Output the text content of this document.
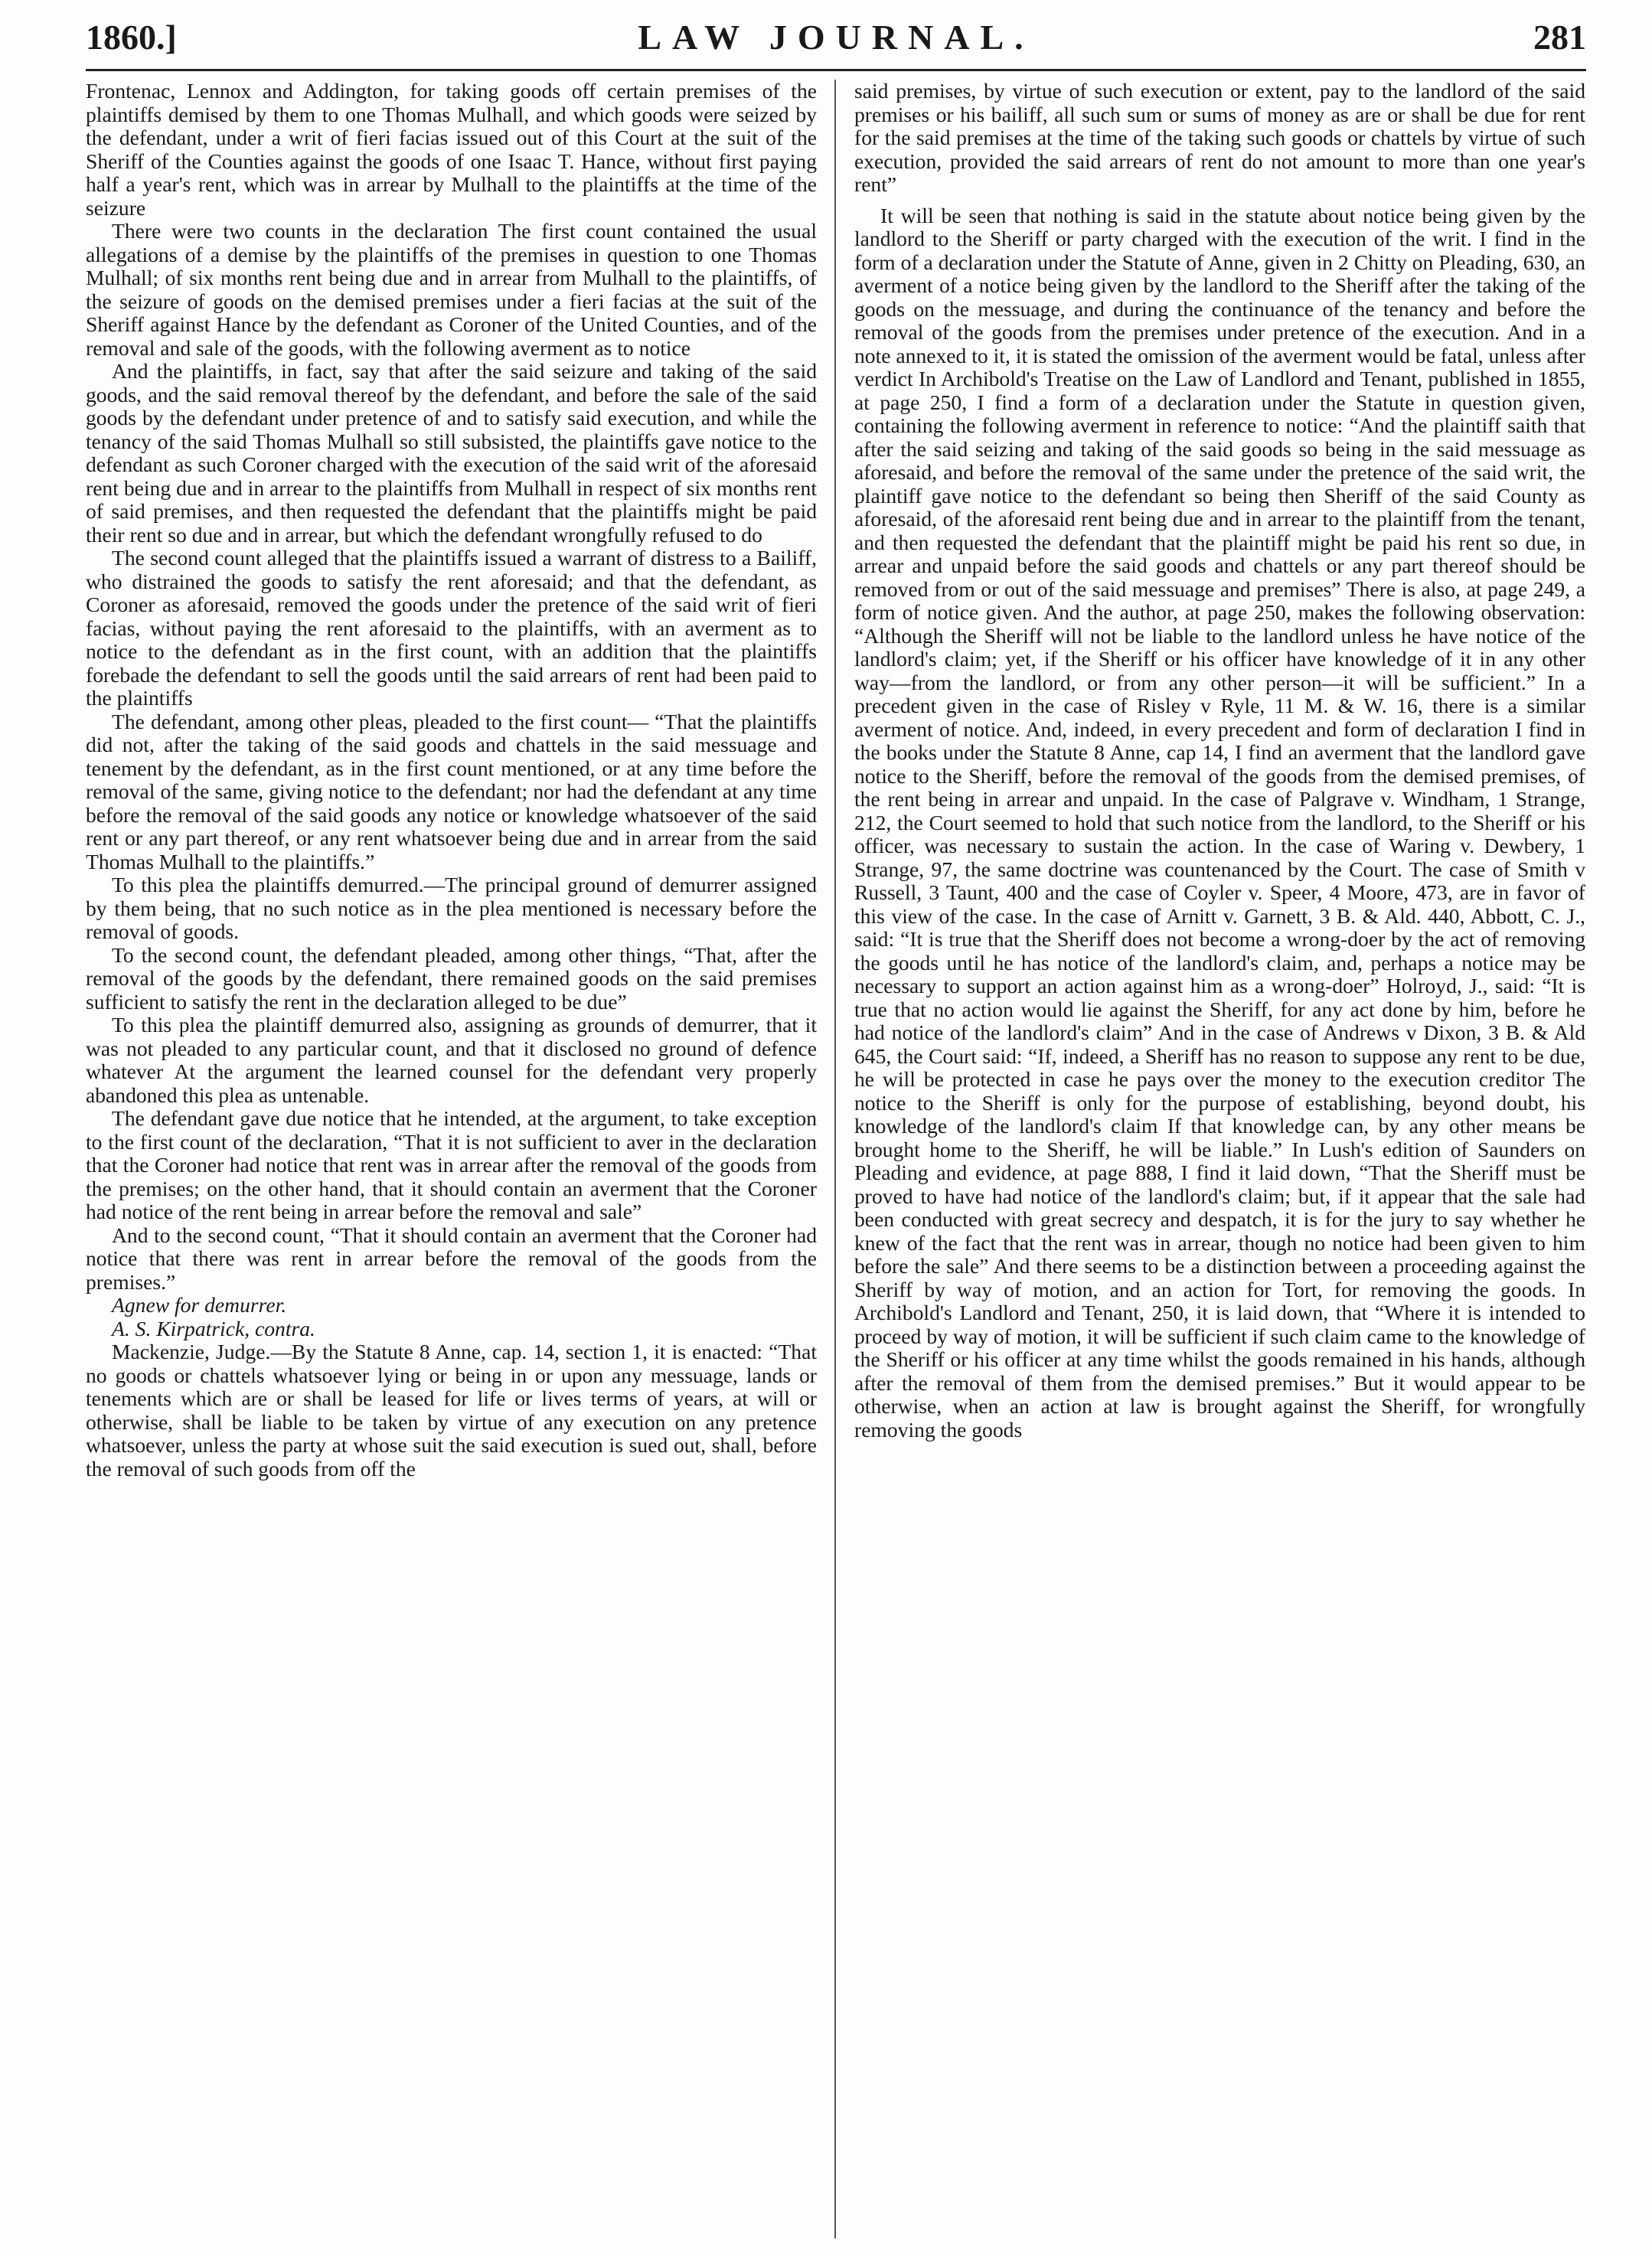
1860.]	LAW JOURNAL.	281

Frontenac, Lennox and Addington, for taking goods off certain premises of the plaintiffs demised by them to one Thomas Mulhall, and which goods were seized by the defendant, under a writ of fieri facias issued out of this Court at the suit of the Sheriff of the Counties against the goods of one Isaac T. Hance, without first paying half a year's rent, which was in arrear by Mulhall to the plaintiffs at the time of the seizure

There were two counts in the declaration The first count contained the usual allegations of a demise by the plaintiffs of the premises in question to one Thomas Mulhall; of six months rent being due and in arrear from Mulhall to the plaintiffs, of the seizure of goods on the demised premises under a fieri facias at the suit of the Sheriff against Hance by the defendant as Coroner of the United Counties, and of the removal and sale of the goods, with the following averment as to notice

And the plaintiffs, in fact, say that after the said seizure and taking of the said goods, and the said removal thereof by the defendant, and before the sale of the said goods by the defendant under pretence of and to satisfy said execution, and while the tenancy of the said Thomas Mulhall so still subsisted, the plaintiffs gave notice to the defendant as such Coroner charged with the execution of the said writ of the aforesaid rent being due and in arrear to the plaintiffs from Mulhall in respect of six months rent of said premises, and then requested the defendant that the plaintiffs might be paid their rent so due and in arrear, but which the defendant wrongfully refused to do

The second count alleged that the plaintiffs issued a warrant of distress to a Bailiff, who distrained the goods to satisfy the rent aforesaid; and that the defendant, as Coroner as aforesaid, removed the goods under the pretence of the said writ of fieri facias, without paying the rent aforesaid to the plaintiffs, with an averment as to notice to the defendant as in the first count, with an addition that the plaintiffs forebade the defendant to sell the goods until the said arrears of rent had been paid to the plaintiffs

The defendant, among other pleas, pleaded to the first count— “That the plaintiffs did not, after the taking of the said goods and chattels in the said messuage and tenement by the defendant, as in the first count mentioned, or at any time before the removal of the same, giving notice to the defendant; nor had the defendant at any time before the removal of the said goods any notice or knowledge whatsoever of the said rent or any part thereof, or any rent whatsoever being due and in arrear from the said Thomas Mulhall to the plaintiffs.”

To this plea the plaintiffs demurred.—The principal ground of demurrer assigned by them being, that no such notice as in the plea mentioned is necessary before the removal of goods.

To the second count, the defendant pleaded, among other things, “That, after the removal of the goods by the defendant, there remained goods on the said premises sufficient to satisfy the rent in the declaration alleged to be due”

To this plea the plaintiff demurred also, assigning as grounds of demurrer, that it was not pleaded to any particular count, and that it disclosed no ground of defence whatever At the argument the learned counsel for the defendant very properly abandoned this plea as untenable.

The defendant gave due notice that he intended, at the argument, to take exception to the first count of the declaration, “That it is not sufficient to aver in the declaration that the Coroner had notice that rent was in arrear after the removal of the goods from the premises; on the other hand, that it should contain an averment that the Coroner had notice of the rent being in arrear before the removal and sale”

And to the second count, “That it should contain an averment that the Coroner had notice that there was rent in arrear before the removal of the goods from the premises.”

Agnew for demurrer.

A. S. Kirpatrick, contra.

Mackenzie, Judge.—By the Statute 8 Anne, cap. 14, section 1, it is enacted: “That no goods or chattels whatsoever lying or being in or upon any messuage, lands or tenements which are or shall be leased for life or lives terms of years, at will or otherwise, shall be liable to be taken by virtue of any execution on any pretence whatsoever, unless the party at whose suit the said execution is sued out, shall, before the removal of such goods from off the

said premises, by virtue of such execution or extent, pay to the landlord of the said premises or his bailiff, all such sum or sums of money as are or shall be due for rent for the said premises at the time of the taking such goods or chattels by virtue of such execution, provided the said arrears of rent do not amount to more than one year's rent”

It will be seen that nothing is said in the statute about notice being given by the landlord to the Sheriff or party charged with the execution of the writ. I find in the form of a declaration under the Statute of Anne, given in 2 Chitty on Pleading, 630, an averment of a notice being given by the landlord to the Sheriff after the taking of the goods on the messuage, and during the continuance of the tenancy and before the removal of the goods from the premises under pretence of the execution. And in a note annexed to it, it is stated the omission of the averment would be fatal, unless after verdict In Archibold's Treatise on the Law of Landlord and Tenant, published in 1855, at page 250, I find a form of a declaration under the Statute in question given, containing the following averment in reference to notice: “And the plaintiff saith that after the said seizing and taking of the said goods so being in the said messuage as aforesaid, and before the removal of the same under the pretence of the said writ, the plaintiff gave notice to the defendant so being then Sheriff of the said County as aforesaid, of the aforesaid rent being due and in arrear to the plaintiff from the tenant, and then requested the defendant that the plaintiff might be paid his rent so due, in arrear and unpaid before the said goods and chattels or any part thereof should be removed from or out of the said messuage and premises” There is also, at page 249, a form of notice given. And the author, at page 250, makes the following observation: “Although the Sheriff will not be liable to the landlord unless he have notice of the landlord's claim; yet, if the Sheriff or his officer have knowledge of it in any other way—from the landlord, or from any other person—it will be sufficient.” In a precedent given in the case of Risley v Ryle, 11 M. & W. 16, there is a similar averment of notice. And, indeed, in every precedent and form of declaration I find in the books under the Statute 8 Anne, cap 14, I find an averment that the landlord gave notice to the Sheriff, before the removal of the goods from the demised premises, of the rent being in arrear and unpaid. In the case of Palgrave v. Windham, 1 Strange, 212, the Court seemed to hold that such notice from the landlord, to the Sheriff or his officer, was necessary to sustain the action. In the case of Waring v. Dewbery, 1 Strange, 97, the same doctrine was countenanced by the Court. The case of Smith v Russell, 3 Taunt, 400 and the case of Coyler v. Speer, 4 Moore, 473, are in favor of this view of the case. In the case of Arnitt v. Garnett, 3 B. & Ald. 440, Abbott, C. J., said: “It is true that the Sheriff does not become a wrong-doer by the act of removing the goods until he has notice of the landlord's claim, and, perhaps a notice may be necessary to support an action against him as a wrong-doer” Holroyd, J., said: “It is true that no action would lie against the Sheriff, for any act done by him, before he had notice of the landlord's claim” And in the case of Andrews v Dixon, 3 B. & Ald 645, the Court said: “If, indeed, a Sheriff has no reason to suppose any rent to be due, he will be protected in case he pays over the money to the execution creditor The notice to the Sheriff is only for the purpose of establishing, beyond doubt, his knowledge of the landlord's claim If that knowledge can, by any other means be brought home to the Sheriff, he will be liable.” In Lush's edition of Saunders on Pleading and evidence, at page 888, I find it laid down, “That the Sheriff must be proved to have had notice of the landlord's claim; but, if it appear that the sale had been conducted with great secrecy and despatch, it is for the jury to say whether he knew of the fact that the rent was in arrear, though no notice had been given to him before the sale” And there seems to be a distinction between a proceeding against the Sheriff by way of motion, and an action for Tort, for removing the goods. In Archibold's Landlord and Tenant, 250, it is laid down, that “Where it is intended to proceed by way of motion, it will be sufficient if such claim came to the knowledge of the Sheriff or his officer at any time whilst the goods remained in his hands, although after the removal of them from the demised premises.” But it would appear to be otherwise, when an action at law is brought against the Sheriff, for wrongfully removing the goods
